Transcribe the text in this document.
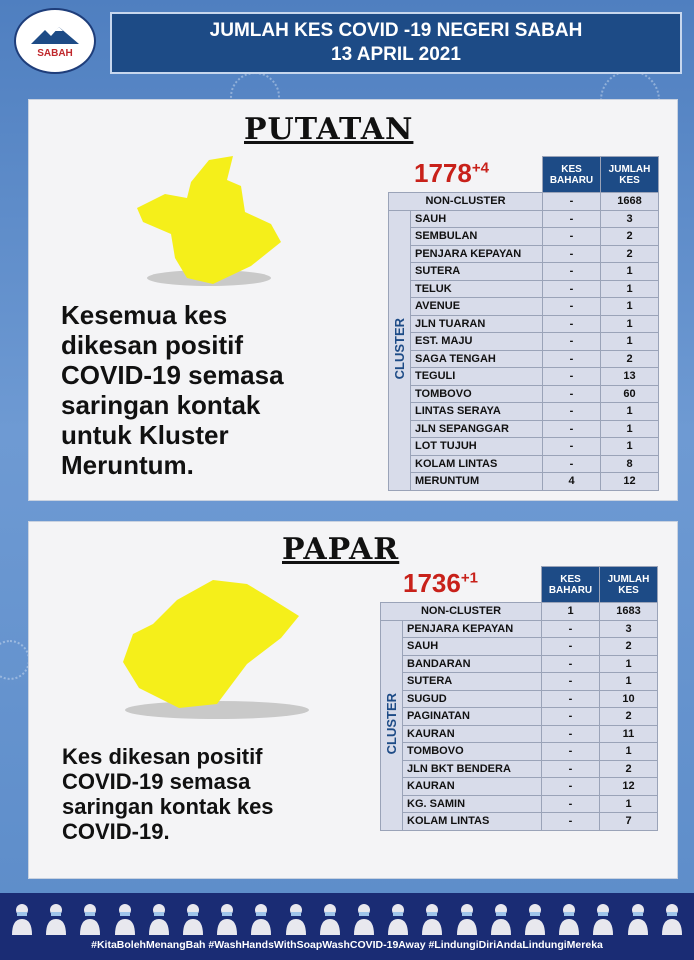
SABAH
JUMLAH KES COVID -19 NEGERI SABAH
13 APRIL 2021
PUTATAN
Kesemua kes
dikesan positif
COVID-19 semasa
saringan kontak
untuk Kluster
Meruntum.
$1778^{+4}$
		KES BAHARU	JUMLAH KES
NON-CLUSTER		-	1668
CLUSTER	SAUH	-	3
	SEMBULAN	-	2
	PENJARA KEPAYAN	-	2
	SUTERA	-	1
	TELUK	-	1
	AVENUE	-	1
	JLN TUARAN	-	1
	EST. MAJU	-	1
	SAGA TENGAH	-	2
	TEGULI	-	13
	TOMBOVO	-	60
	LINTAS SERAYA	-	1
	JLN SEPANGGAR	-	1
	LOT TUJUH	-	1
	KOLAM LINTAS	-	8
	MERUNTUM	4	12
PAPAR
Kes dikesan positif
COVID-19 semasa
saringan kontak kes
COVID-19.
$1736^{+1}$
		KES BAHARU	JUMLAH KES
NON-CLUSTER		1	1683
CLUSTER	PENJARA KEPAYAN	-	3
	SAUH	-	2
	BANDARAN	-	1
	SUTERA	-	1
	SUGUD	-	10
	PAGINATAN	-	2
	KAURAN	-	11
	TOMBOVO	-	1
	JLN BKT BENDERA	-	2
	KAURAN	-	12
	KG. SAMIN	-	1
	KOLAM LINTAS	-	7
#KitaBolehMenangBah #WashHandsWithSoapWashCOVID-19Away #LindungiDiriAndaLindungiMereka
